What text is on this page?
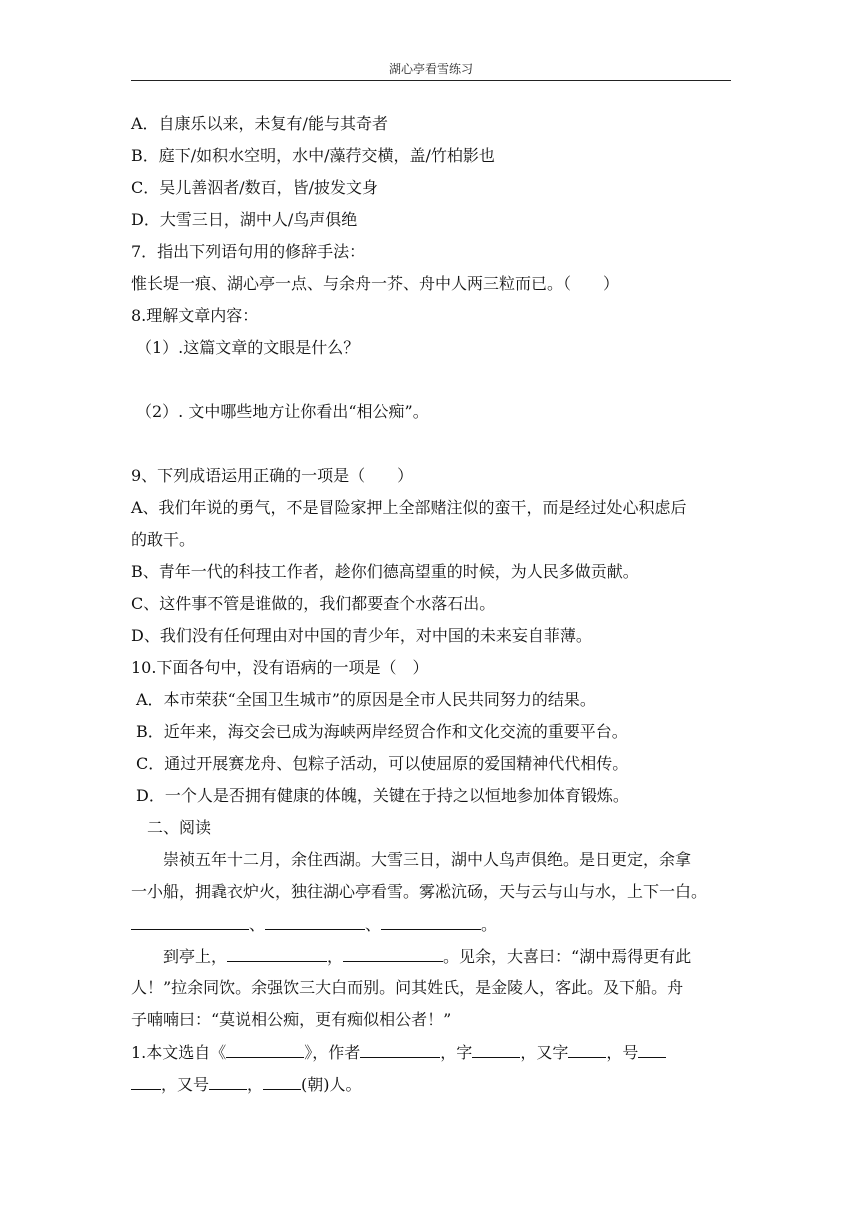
湖心亭看雪练习
A．自康乐以来，未复有/能与其奇者
B．庭下/如积水空明，水中/藻荇交横，盖/竹柏影也
C．吴儿善泅者/数百，皆/披发文身
D．大雪三日，湖中人/鸟声俱绝
7．指出下列语句用的修辞手法：
惟长堤一痕、湖心亭一点、与余舟一芥、舟中人两三粒而已。（　　）
8.理解文章内容：
（1）.这篇文章的文眼是什么？
（2）. 文中哪些地方让你看出“相公痴”。
9、下列成语运用正确的一项是（　　）
A、我们年说的勇气，不是冒险家押上全部赌注似的蛮干，而是经过处心积虑后
的敢干。
B、青年一代的科技工作者，趁你们德高望重的时候，为人民多做贡献。
C、这件事不管是谁做的，我们都要查个水落石出。
D、我们没有任何理由对中国的青少年，对中国的未来妄自菲薄。
10.下面各句中，没有语病的一项是（　）
A．本市荣获“全国卫生城市”的原因是全市人民共同努力的结果。
B．近年来，海交会已成为海峡两岸经贸合作和文化交流的重要平台。
C．通过开展赛龙舟、包粽子活动，可以使屈原的爱国精神代代相传。
D．一个人是否拥有健康的体魄，关键在于持之以恒地参加体育锻炼。
二、阅读
崇祯五年十二月，余住西湖。大雪三日，湖中人鸟声俱绝。是日更定，余拿
一小船，拥毳衣炉火，独往湖心亭看雪。雾凇沆砀，天与云与山与水，上下一白。
、	、	。
到亭上，	，	。见余，大喜曰：“湖中焉得更有此
人！”拉余同饮。余强饮三大白而别。问其姓氏，是金陵人，客此。及下船。舟
子喃喃曰：“莫说相公痴，更有痴似相公者！”
1.本文选自《	》，作者	，字	，又字 ，号
，又号 ， (朝)人。
